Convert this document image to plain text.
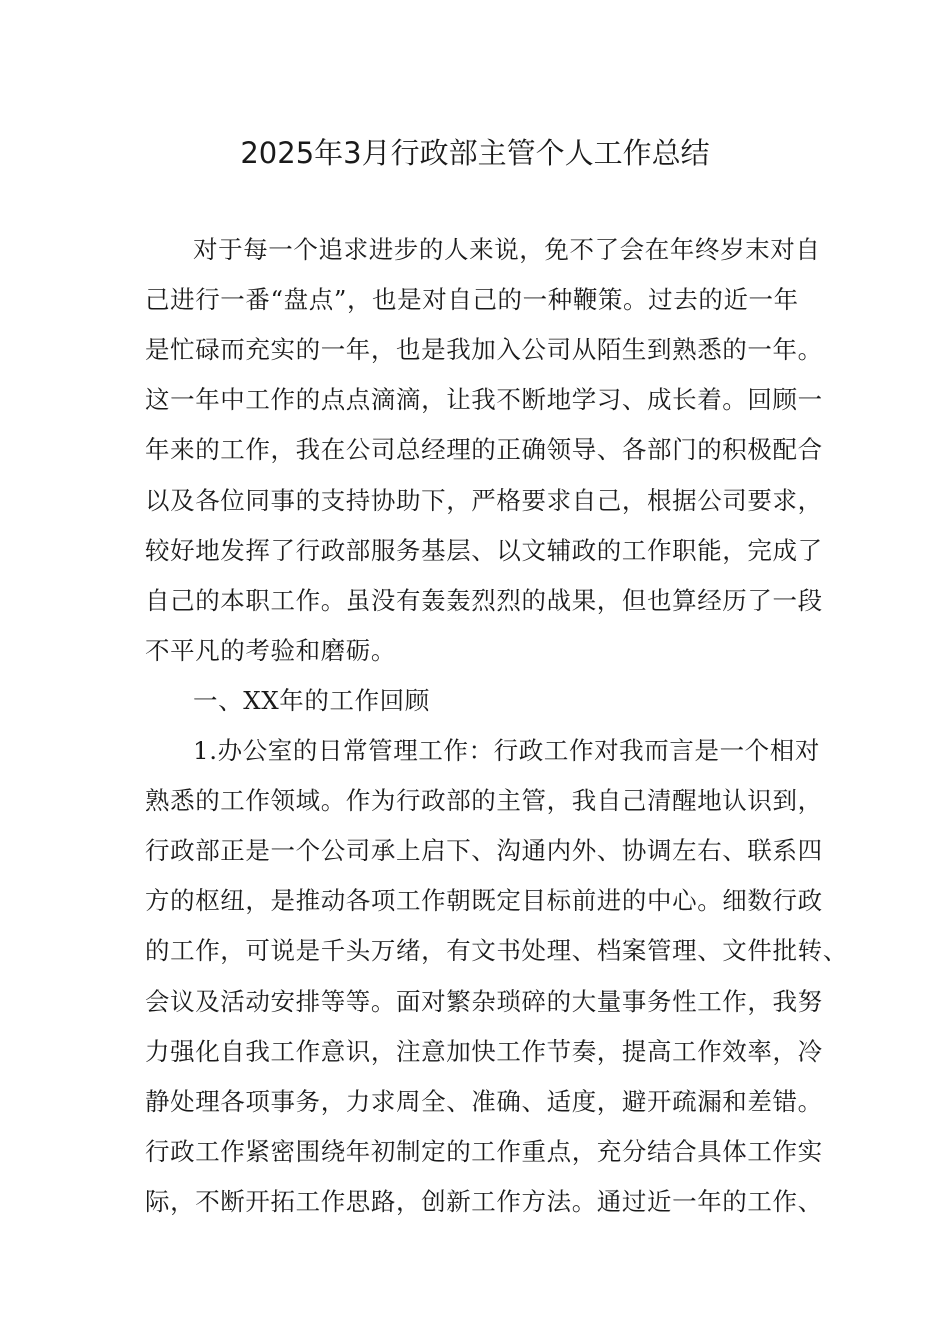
2025年3月行政部主管个人工作总结
对于每一个追求进步的人来说，免不了会在年终岁末对自
己进行一番“盘点”，也是对自己的一种鞭策。过去的近一年
是忙碌而充实的一年，也是我加入公司从陌生到熟悉的一年。
这一年中工作的点点滴滴，让我不断地学习、成长着。回顾一
年来的工作，我在公司总经理的正确领导、各部门的积极配合
以及各位同事的支持协助下，严格要求自己，根据公司要求，
较好地发挥了行政部服务基层、以文辅政的工作职能，完成了
自己的本职工作。虽没有轰轰烈烈的战果，但也算经历了一段
不平凡的考验和磨砺。
一、XX年的工作回顾
1.办公室的日常管理工作：行政工作对我而言是一个相对
熟悉的工作领域。作为行政部的主管，我自己清醒地认识到，
行政部正是一个公司承上启下、沟通内外、协调左右、联系四
方的枢纽，是推动各项工作朝既定目标前进的中心。细数行政
的工作，可说是千头万绪，有文书处理、档案管理、文件批转、
会议及活动安排等等。面对繁杂琐碎的大量事务性工作，我努
力强化自我工作意识，注意加快工作节奏，提高工作效率，冷
静处理各项事务，力求周全、准确、适度，避开疏漏和差错。
行政工作紧密围绕年初制定的工作重点，充分结合具体工作实
际，不断开拓工作思路，创新工作方法。通过近一年的工作、
